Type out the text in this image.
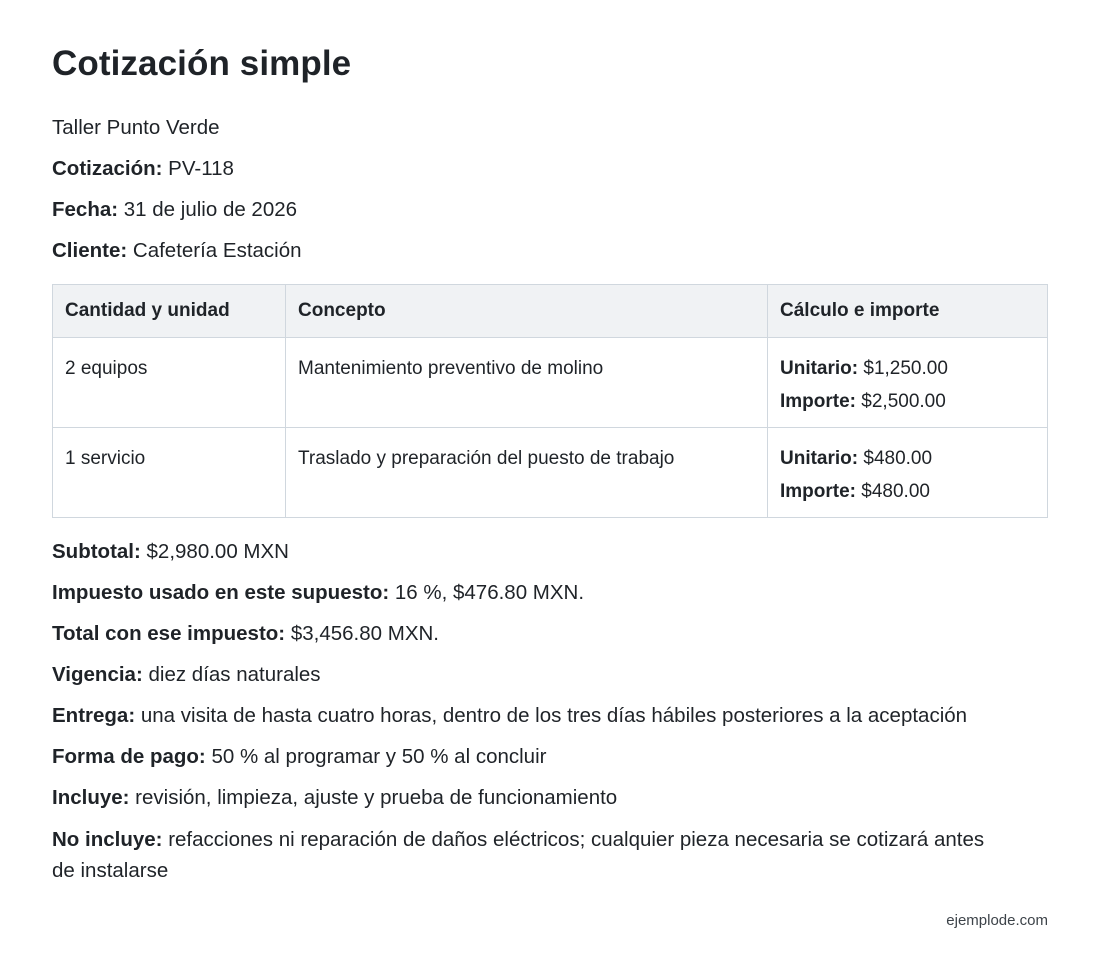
Cotización simple
Taller Punto Verde
Cotización: PV-118
Fecha: 31 de julio de 2026
Cliente: Cafetería Estación
Cantidad y unidad	Concepto	Cálculo e importe
2 equipos	Mantenimiento preventivo de molino	Unitario: $1,250.00
Importe: $2,500.00

1 servicio	Traslado y preparación del puesto de trabajo	Unitario: $480.00
Importe: $480.00
Subtotal: $2,980.00 MXN
Impuesto usado en este supuesto: 16 %, $476.80 MXN.
Total con ese impuesto: $3,456.80 MXN.
Vigencia: diez días naturales
Entrega: una visita de hasta cuatro horas, dentro de los tres días hábiles posteriores a la aceptación
Forma de pago: 50 % al programar y 50 % al concluir
Incluye: revisión, limpieza, ajuste y prueba de funcionamiento
No incluye: refacciones ni reparación de daños eléctricos; cualquier pieza necesaria se cotizará antes de instalarse
ejemplode.com
